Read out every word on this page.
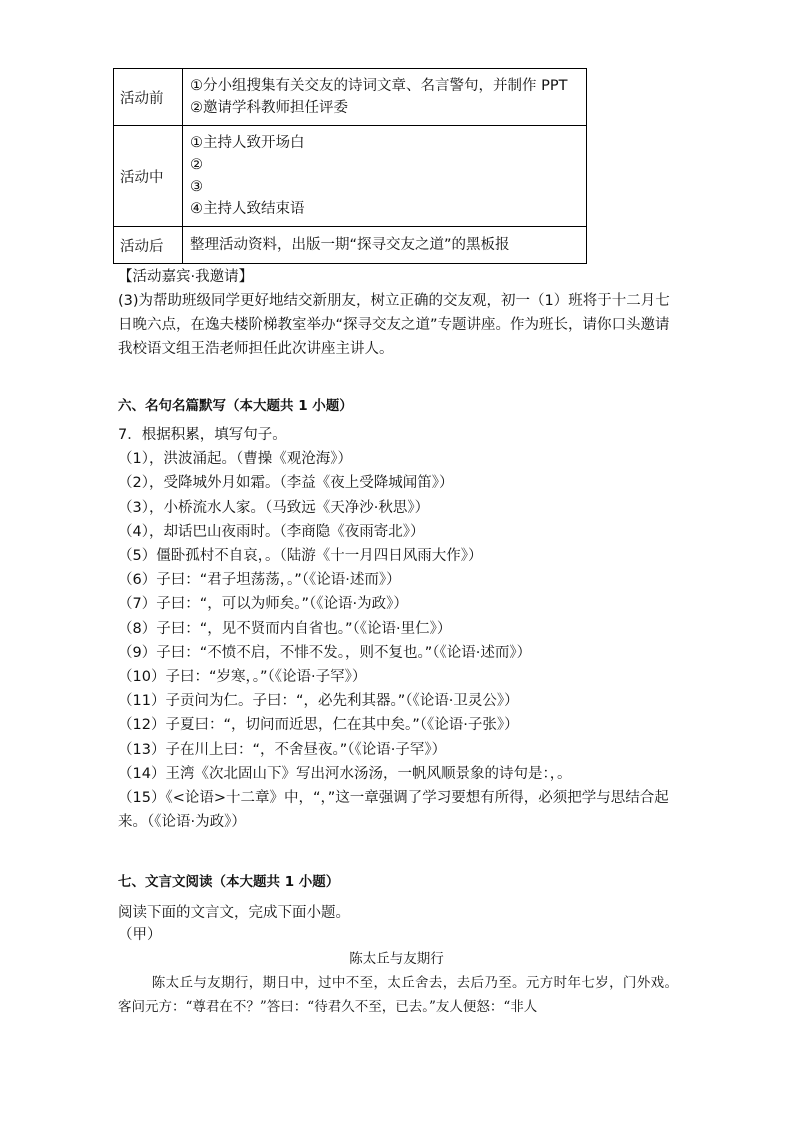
活动前	①分小组搜集有关交友的诗词文章、名言警句，并制作 PPT
②邀请学科教师担任评委

活动中	①主持人致开场白
②
③
④主持人致结束语

活动后	整理活动资料，出版一期“探寻交友之道”的黑板报
【活动嘉宾·我邀请】
(3)为帮助班级同学更好地结交新朋友，树立正确的交友观，初一（1）班将于十二月七日晚六点，在逸夫楼阶梯教室举办“探寻交友之道”专题讲座。作为班长，请你口头邀请我校语文组王浩老师担任此次讲座主讲人。
六、名句名篇默写（本大题共 1 小题）
7．根据积累，填写句子。
（1），洪波涌起。（曹操《观沧海》）
（2），受降城外月如霜。（李益《夜上受降城闻笛》）
（3），小桥流水人家。（马致远《天净沙·秋思》）
（4），却话巴山夜雨时。（李商隐《夜雨寄北》）
（5）僵卧孤村不自哀，。（陆游《十一月四日风雨大作》）
（6）子曰：“君子坦荡荡，。”（《论语·述而》）
（7）子曰：“，可以为师矣。”（《论语·为政》）
（8）子曰：“，见不贤而内自省也。”（《论语·里仁》）
（9）子曰：“不愤不启，不悱不发。，则不复也。”（《论语·述而》）
（10）子曰：“岁寒，。”（《论语·子罕》）
（11）子贡问为仁。子曰：“，必先利其器。”（《论语·卫灵公》）
（12）子夏曰：“，切问而近思，仁在其中矣。”（《论语·子张》）
（13）子在川上曰：“，不舍昼夜。”（《论语·子罕》）
（14）王湾《次北固山下》写出河水汤汤，一帆风顺景象的诗句是：，。
（15）《<论语>十二章》中，“，”这一章强调了学习要想有所得，必须把学与思结合起来。（《论语·为政》）
七、文言文阅读（本大题共 1 小题）
阅读下面的文言文，完成下面小题。
（甲）
陈太丘与友期行
陈太丘与友期行，期日中，过中不至，太丘舍去，去后乃至。元方时年七岁，门外戏。客问元方：“尊君在不？”答曰：“待君久不至，已去。”友人便怒：“非人
